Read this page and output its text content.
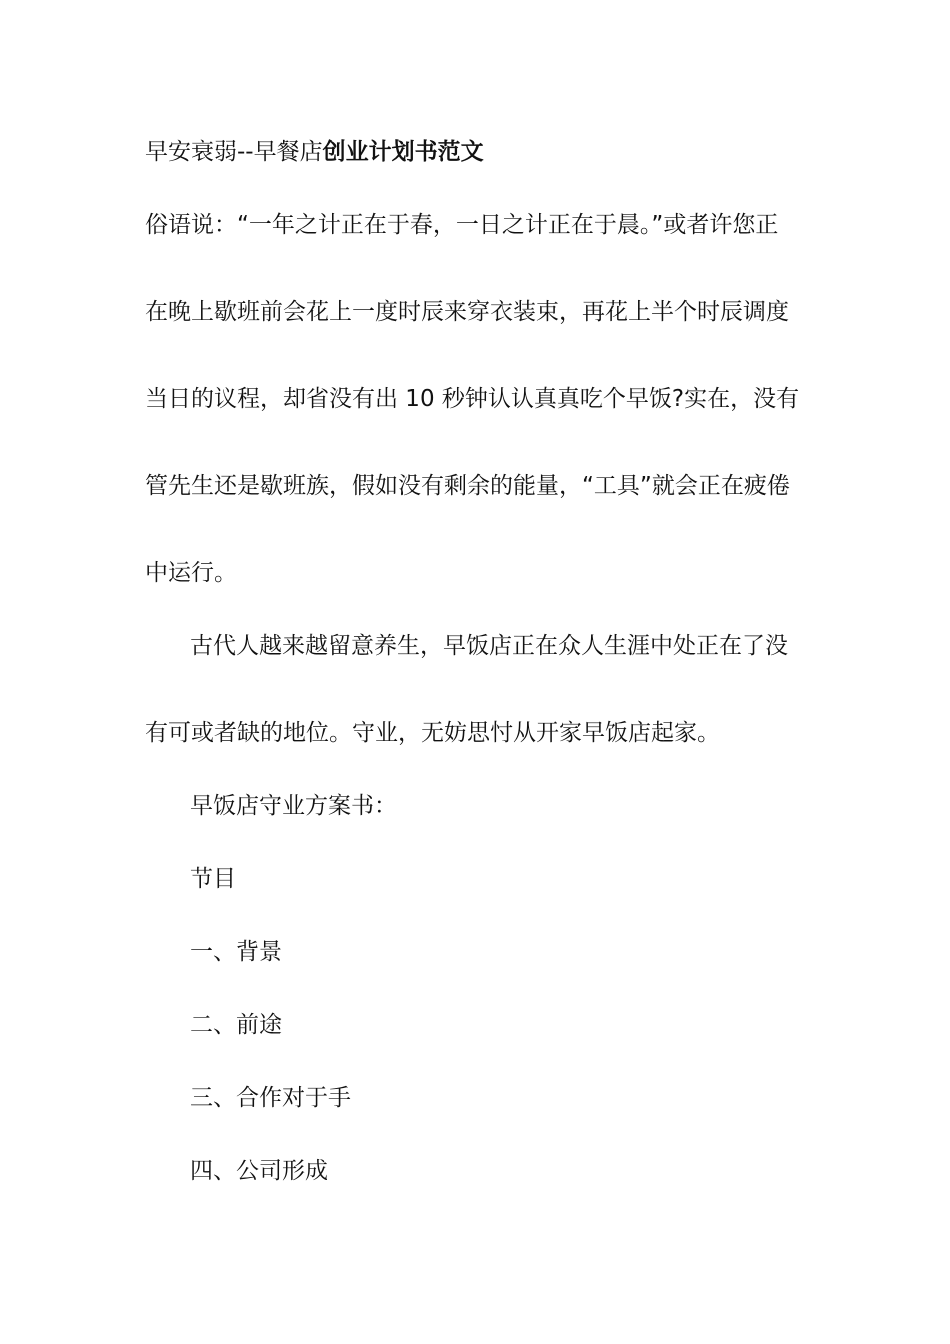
早安衰弱--早餐店创业计划书范文
俗语说：“一年之计正在于春，一日之计正在于晨。”或者许您正
在晚上歇班前会花上一度时辰来穿衣装束，再花上半个时辰调度
当日的议程，却省没有出 10 秒钟认认真真吃个早饭?实在，没有
管先生还是歇班族，假如没有剩余的能量，“工具”就会正在疲倦
中运行。
古代人越来越留意养生，早饭店正在众人生涯中处正在了没
有可或者缺的地位。守业，无妨思忖从开家早饭店起家。
早饭店守业方案书：
节目
一、背景
二、前途
三、合作对于手
四、公司形成
